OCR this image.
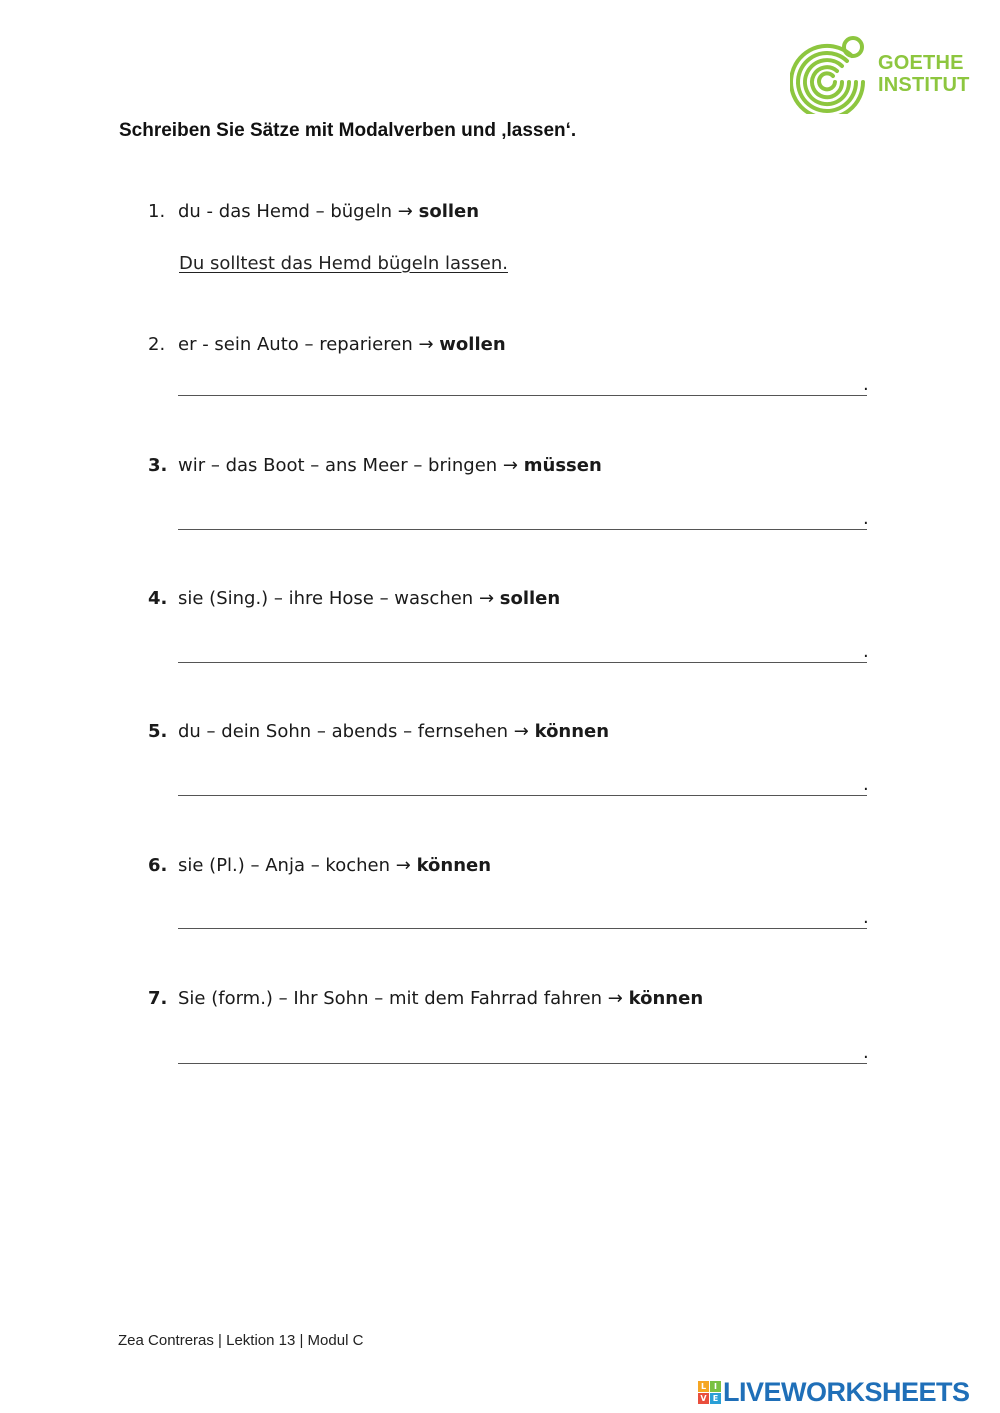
GOETHE
INSTITUT
Schreiben Sie Sätze mit Modalverben und ‚lassen‘.
1. du - das Hemd – bügeln → sollen
Du solltest das Hemd bügeln lassen.
2. er - sein Auto – reparieren → wollen
.
3. wir – das Boot – ans Meer – bringen → müssen
.
4. sie (Sing.) – ihre Hose – waschen → sollen
.
5. du – dein Sohn – abends – fernsehen → können
.
6. sie (Pl.) – Anja – kochen → können
.
7. Sie (form.) – Ihr Sohn – mit dem Fahrrad fahren → können
.
Zea Contreras | Lektion 13 | Modul C
L I
V E LIVEWORKSHEETS
